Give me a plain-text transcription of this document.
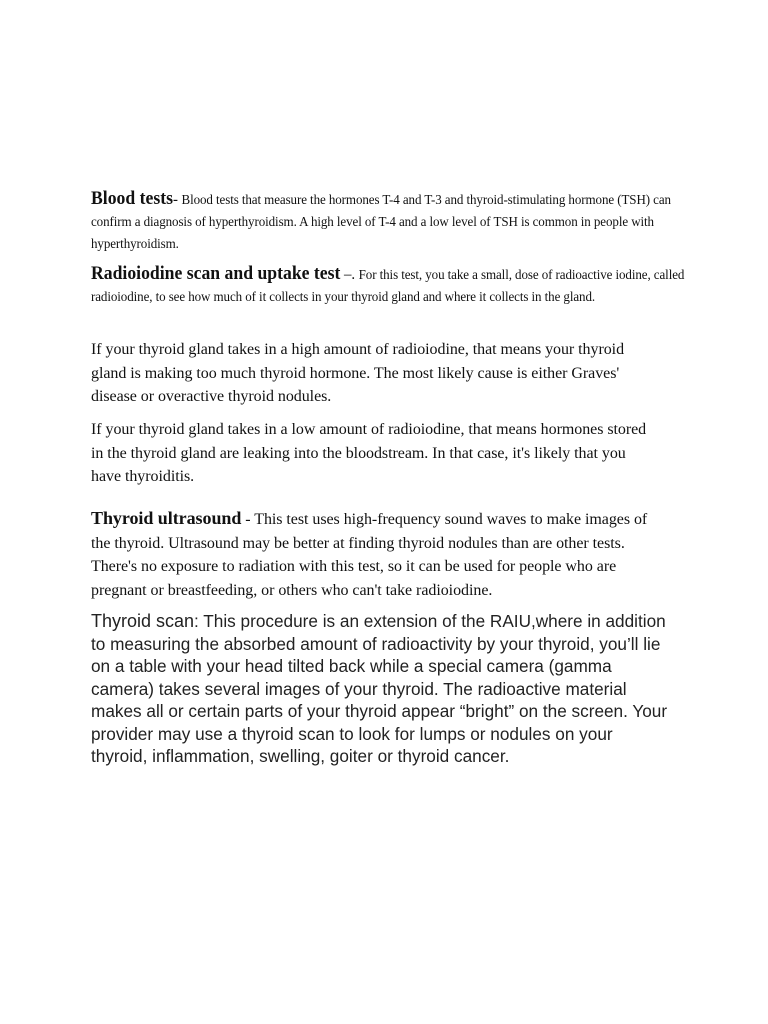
Blood tests- Blood tests that measure the hormones T-4 and T-3 and thyroid-stimulating hormone (TSH) can confirm a diagnosis of hyperthyroidism. A high level of T-4 and a low level of TSH is common in people with hyperthyroidism.

Radioiodine scan and uptake test –. For this test, you take a small, dose of radioactive iodine, called radioiodine, to see how much of it collects in your thyroid gland and where it collects in the gland.

If your thyroid gland takes in a high amount of radioiodine, that means your thyroid gland is making too much thyroid hormone. The most likely cause is either Graves' disease or overactive thyroid nodules.

If your thyroid gland takes in a low amount of radioiodine, that means hormones stored in the thyroid gland are leaking into the bloodstream. In that case, it's likely that you have thyroiditis.

Thyroid ultrasound - This test uses high-frequency sound waves to make images of the thyroid. Ultrasound may be better at finding thyroid nodules than are other tests. There's no exposure to radiation with this test, so it can be used for people who are pregnant or breastfeeding, or others who can't take radioiodine.

Thyroid scan: This procedure is an extension of the RAIU,where in addition to measuring the absorbed amount of radioactivity by your thyroid, you’ll lie on a table with your head tilted back while a special camera (gamma camera) takes several images of your thyroid. The radioactive material makes all or certain parts of your thyroid appear “bright” on the screen. Your provider may use a thyroid scan to look for lumps or nodules on your thyroid, inflammation, swelling, goiter or thyroid cancer.
